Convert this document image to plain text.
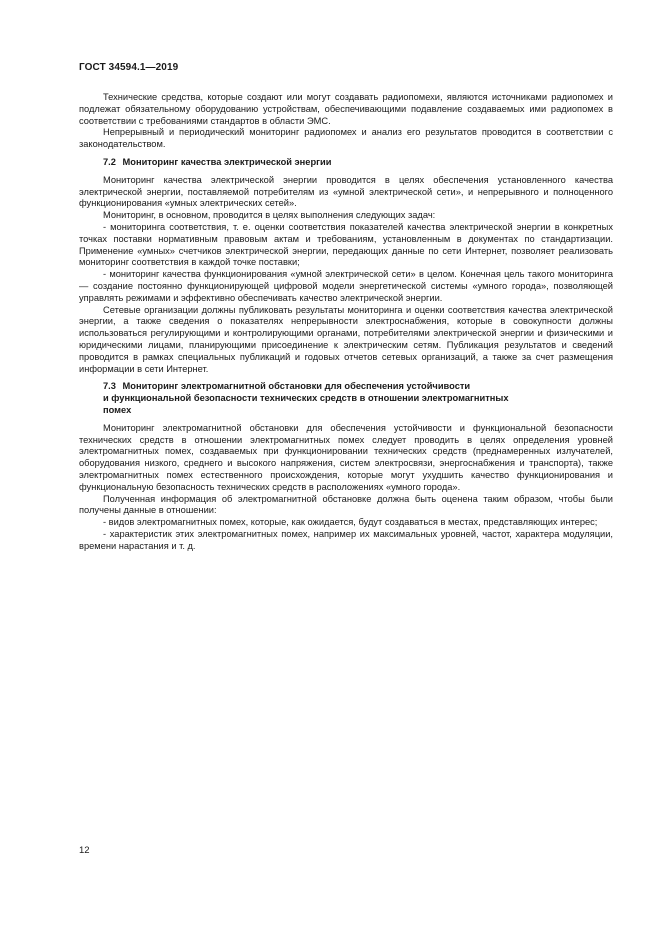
ГОСТ 34594.1—2019

Технические средства, которые создают или могут создавать радиопомехи, являются источниками радиопомех и подлежат обязательному оборудованию устройствам, обеспечивающими подавление создаваемых ими радиопомех в соответствии с требованиями стандартов в области ЭМС.

Непрерывный и периодический мониторинг радиопомех и анализ его результатов проводится в соответствии с законодательством.

7.2 Мониторинг качества электрической энергии

Мониторинг качества электрической энергии проводится в целях обеспечения установленного качества электрической энергии, поставляемой потребителям из «умной электрической сети», и непрерывного и полноценного функционирования «умных электрических сетей».

Мониторинг, в основном, проводится в целях выполнения следующих задач:

- мониторинга соответствия, т. е. оценки соответствия показателей качества электрической энергии в конкретных точках поставки нормативным правовым актам и требованиям, установленным в документах по стандартизации. Применение «умных» счетчиков электрической энергии, передающих данные по сети Интернет, позволяет реализовать мониторинг соответствия в каждой точке поставки;

- мониторинг качества функционирования «умной электрической сети» в целом. Конечная цель такого мониторинга — создание постоянно функционирующей цифровой модели энергетической системы «умного города», позволяющей управлять режимами и эффективно обеспечивать качество электрической энергии.

Сетевые организации должны публиковать результаты мониторинга и оценки соответствия качества электрической энергии, а также сведения о показателях непрерывности электроснабжения, которые в совокупности должны использоваться регулирующими и контролирующими органами, потребителями электрической энергии и физическими и юридическими лицами, планирующими присоединение к электрическим сетям. Публикация результатов и сведений проводится в рамках специальных публикаций и годовых отчетов сетевых организаций, а также за счет размещения информации в сети Интернет.

7.3 Мониторинг электромагнитной обстановки для обеспечения устойчивости
и функциональной безопасности технических средств в отношении электромагнитных
помех

Мониторинг электромагнитной обстановки для обеспечения устойчивости и функциональной безопасности технических средств в отношении электромагнитных помех следует проводить в целях определения уровней электромагнитных помех, создаваемых при функционировании технических средств (преднамеренных излучателей, оборудования низкого, среднего и высокого напряжения, систем электросвязи, энергоснабжения и транспорта), также электромагнитных помех естественного происхождения, которые могут ухудшить качество функционирования и функциональную безопасность технических средств в расположениях «умного города».

Полученная информация об электромагнитной обстановке должна быть оценена таким образом, чтобы были получены данные в отношении:

- видов электромагнитных помех, которые, как ожидается, будут создаваться в местах, представляющих интерес;

- характеристик этих электромагнитных помех, например их максимальных уровней, частот, характера модуляции, времени нарастания и т. д.

12
